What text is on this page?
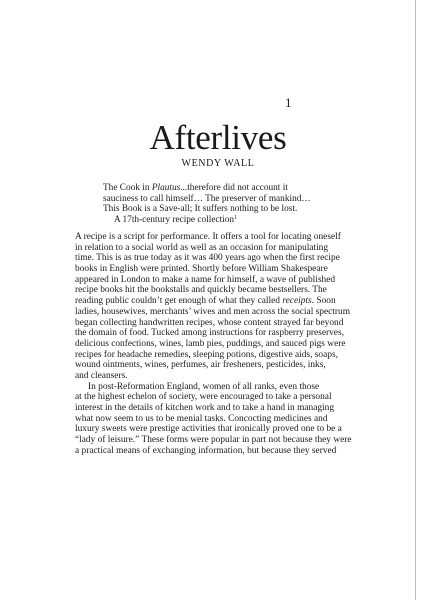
1
Afterlives
WENDY WALL
The Cook in Plautus...therefore did not account it
sauciness to call himself… The preserver of mankind…
This Book is a Save-all; It suffers nothing to be lost.
A 17th-century recipe collection$^1$
A recipe is a script for performance. It offers a tool for locating oneself
in relation to a social world as well as an occasion for manipulating
time. This is as true today as it was 400 years ago when the first recipe
books in English were printed. Shortly before William Shakespeare
appeared in London to make a name for himself, a wave of published
recipe books hit the bookstalls and quickly became bestsellers. The
reading public couldn’t get enough of what they called receipts. Soon
ladies, housewives, merchants’ wives and men across the social spectrum
began collecting handwritten recipes, whose content strayed far beyond
the domain of food. Tucked among instructions for raspberry preserves,
delicious confections, wines, lamb pies, puddings, and sauced pigs were
recipes for headache remedies, sleeping potions, digestive aids, soaps,
wound ointments, wines, perfumes, air fresheners, pesticides, inks,
and cleansers.
In post-Reformation England, women of all ranks, even those
at the highest echelon of society, were encouraged to take a personal
interest in the details of kitchen work and to take a hand in managing
what now seem to us to be menial tasks. Concocting medicines and
luxury sweets were prestige activities that ironically proved one to be a
“lady of leisure.” These forms were popular in part not because they were
a practical means of exchanging information, but because they served
